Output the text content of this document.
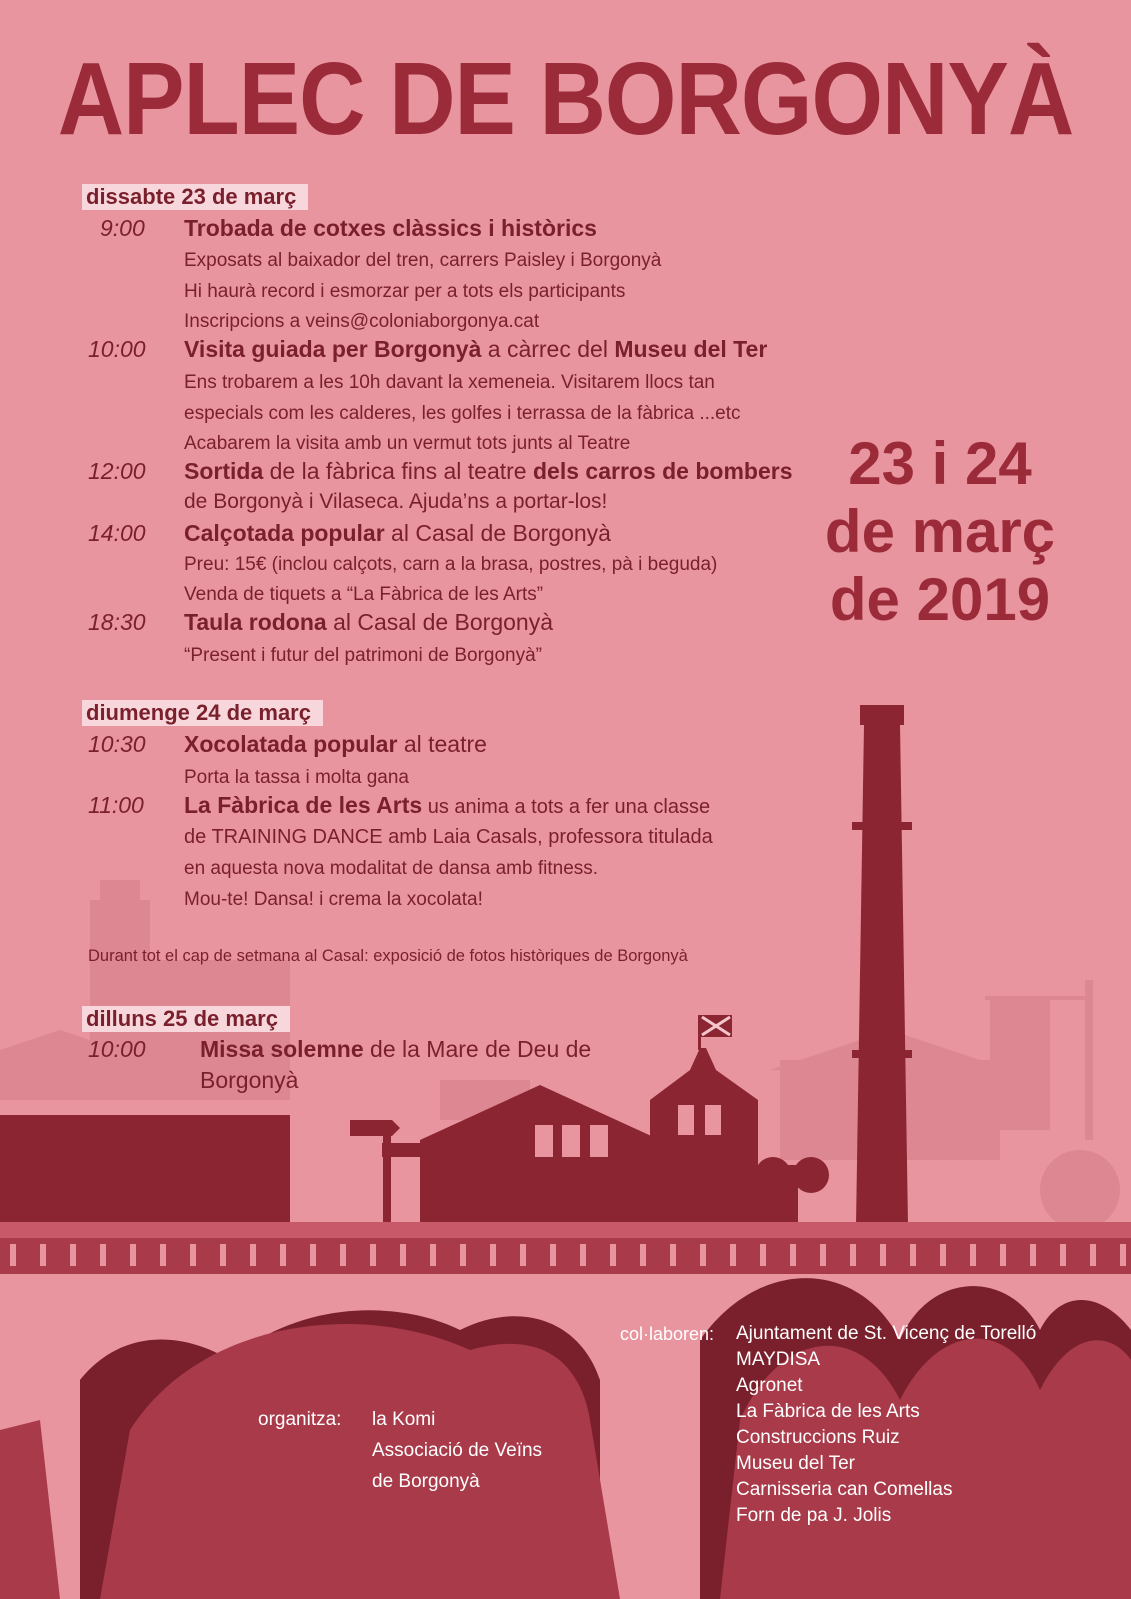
APLEC DE BORGONYÀ
dissabte 23 de març
9:00 Trobada de cotxes clàssics i històrics
Exposats al baixador del tren, carrers Paisley i Borgonyà
Hi haurà record i esmorzar per a tots els participants
Inscripcions a veins@coloniaborgonya.cat
10:00 Visita guiada per Borgonyà a càrrec del Museu del Ter
Ens trobarem a les 10h davant la xemeneia. Visitarem llocs tan
especials com les calderes, les golfes i terrassa de la fàbrica ...etc
Acabarem la visita amb un vermut tots junts al Teatre
12:00 Sortida de la fàbrica fins al teatre dels carros de bombers
de Borgonyà i Vilaseca. Ajuda’ns a portar-los!
14:00 Calçotada popular al Casal de Borgonyà
Preu: 15€ (inclou calçots, carn a la brasa, postres, pà i beguda)
Venda de tiquets a “La Fàbrica de les Arts”
18:30 Taula rodona al Casal de Borgonyà
“Present i futur del patrimoni de Borgonyà”
23 i 24
de març
de 2019
diumenge 24 de març
10:30 Xocolatada popular al teatre
Porta la tassa i molta gana
11:00 La Fàbrica de les Arts us anima a tots a fer una classe
de TRAINING DANCE amb Laia Casals, professora titulada
en aquesta nova modalitat de dansa amb fitness.
Mou-te! Dansa! i crema la xocolata!
Durant tot el cap de setmana al Casal: exposició de fotos històriques de Borgonyà
dilluns 25 de març
10:00 Missa solemne de la Mare de Deu de
Borgonyà
organitza: la Komi
Associació de Veïns
de Borgonyà
col·laboren: Ajuntament de St. Vicenç de Torelló
MAYDISA
Agronet
La Fàbrica de les Arts
Construccions Ruiz
Museu del Ter
Carnisseria can Comellas
Forn de pa J. Jolis
